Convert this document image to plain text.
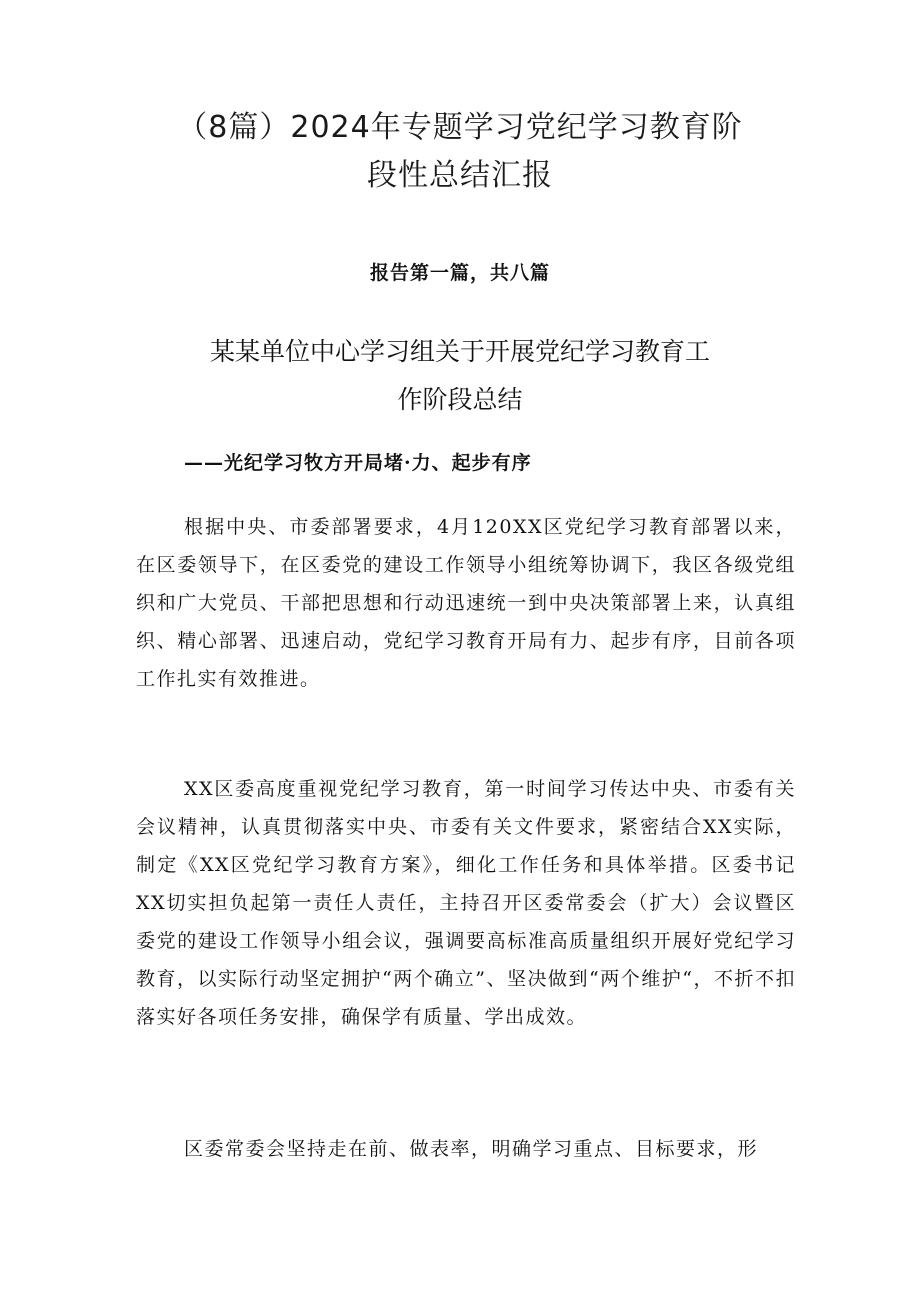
（8篇）2024年专题学习党纪学习教育阶
段性总结汇报
报告第一篇，共八篇
某某单位中心学习组关于开展党纪学习教育工
作阶段总结
——光纪学习牧方开局堵·力、起步有序

根据中央、市委部署要求，4月120XX区党纪学习教育部署以来，在区委领导下，在区委党的建设工作领导小组统筹协调下，我区各级党组织和广大党员、干部把思想和行动迅速统一到中央决策部署上来，认真组织、精心部署、迅速启动，党纪学习教育开局有力、起步有序，目前各项工作扎实有效推进。

XX区委高度重视党纪学习教育，第一时间学习传达中央、市委有关会议精神，认真贯彻落实中央、市委有关文件要求，紧密结合XX实际，制定《XX区党纪学习教育方案》，细化工作任务和具体举措。区委书记XX切实担负起第一责任人责任，主持召开区委常委会（扩大）会议暨区委党的建设工作领导小组会议，强调要高标准高质量组织开展好党纪学习教育，以实际行动坚定拥护“两个确立”、坚决做到“两个维护“，不折不扣落实好各项任务安排，确保学有质量、学出成效。

区委常委会坚持走在前、做表率，明确学习重点、目标要求，形
